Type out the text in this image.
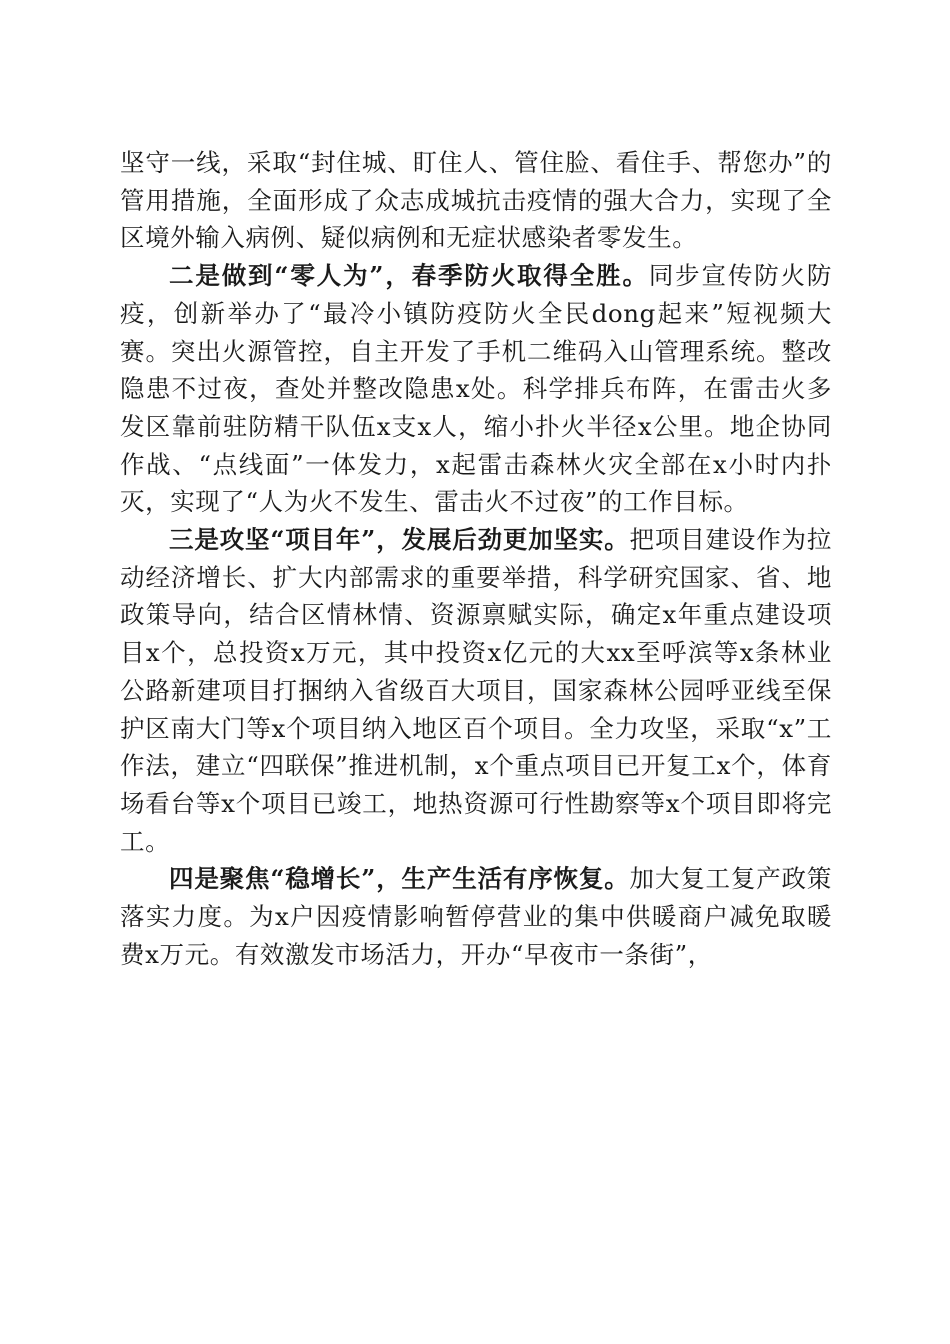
坚守一线，采取“封住城、盯住人、管住脸、看住手、帮您办”的管用措施，全面形成了众志成城抗击疫情的强大合力，实现了全区境外输入病例、疑似病例和无症状感染者零发生。

二是做到“零人为”，春季防火取得全胜。同步宣传防火防疫，创新举办了“最冷小镇防疫防火全民dong起来”短视频大赛。突出火源管控，自主开发了手机二维码入山管理系统。整改隐患不过夜，查处并整改隐患x处。科学排兵布阵，在雷击火多发区靠前驻防精干队伍x支x人，缩小扑火半径x公里。地企协同作战、“点线面”一体发力，x起雷击森林火灾全部在x小时内扑灭，实现了“人为火不发生、雷击火不过夜”的工作目标。

三是攻坚“项目年”，发展后劲更加坚实。把项目建设作为拉动经济增长、扩大内部需求的重要举措，科学研究国家、省、地政策导向，结合区情林情、资源禀赋实际，确定x年重点建设项目x个，总投资x万元，其中投资x亿元的大xx至呼滨等x条林业公路新建项目打捆纳入省级百大项目，国家森林公园呼亚线至保护区南大门等x个项目纳入地区百个项目。全力攻坚，采取“x”工作法，建立“四联保”推进机制，x个重点项目已开复工x个，体育场看台等x个项目已竣工，地热资源可行性勘察等x个项目即将完工。

四是聚焦“稳增长”，生产生活有序恢复。加大复工复产政策落实力度。为x户因疫情影响暂停营业的集中供暖商户减免取暖费x万元。有效激发市场活力，开办“早夜市一条街”，
